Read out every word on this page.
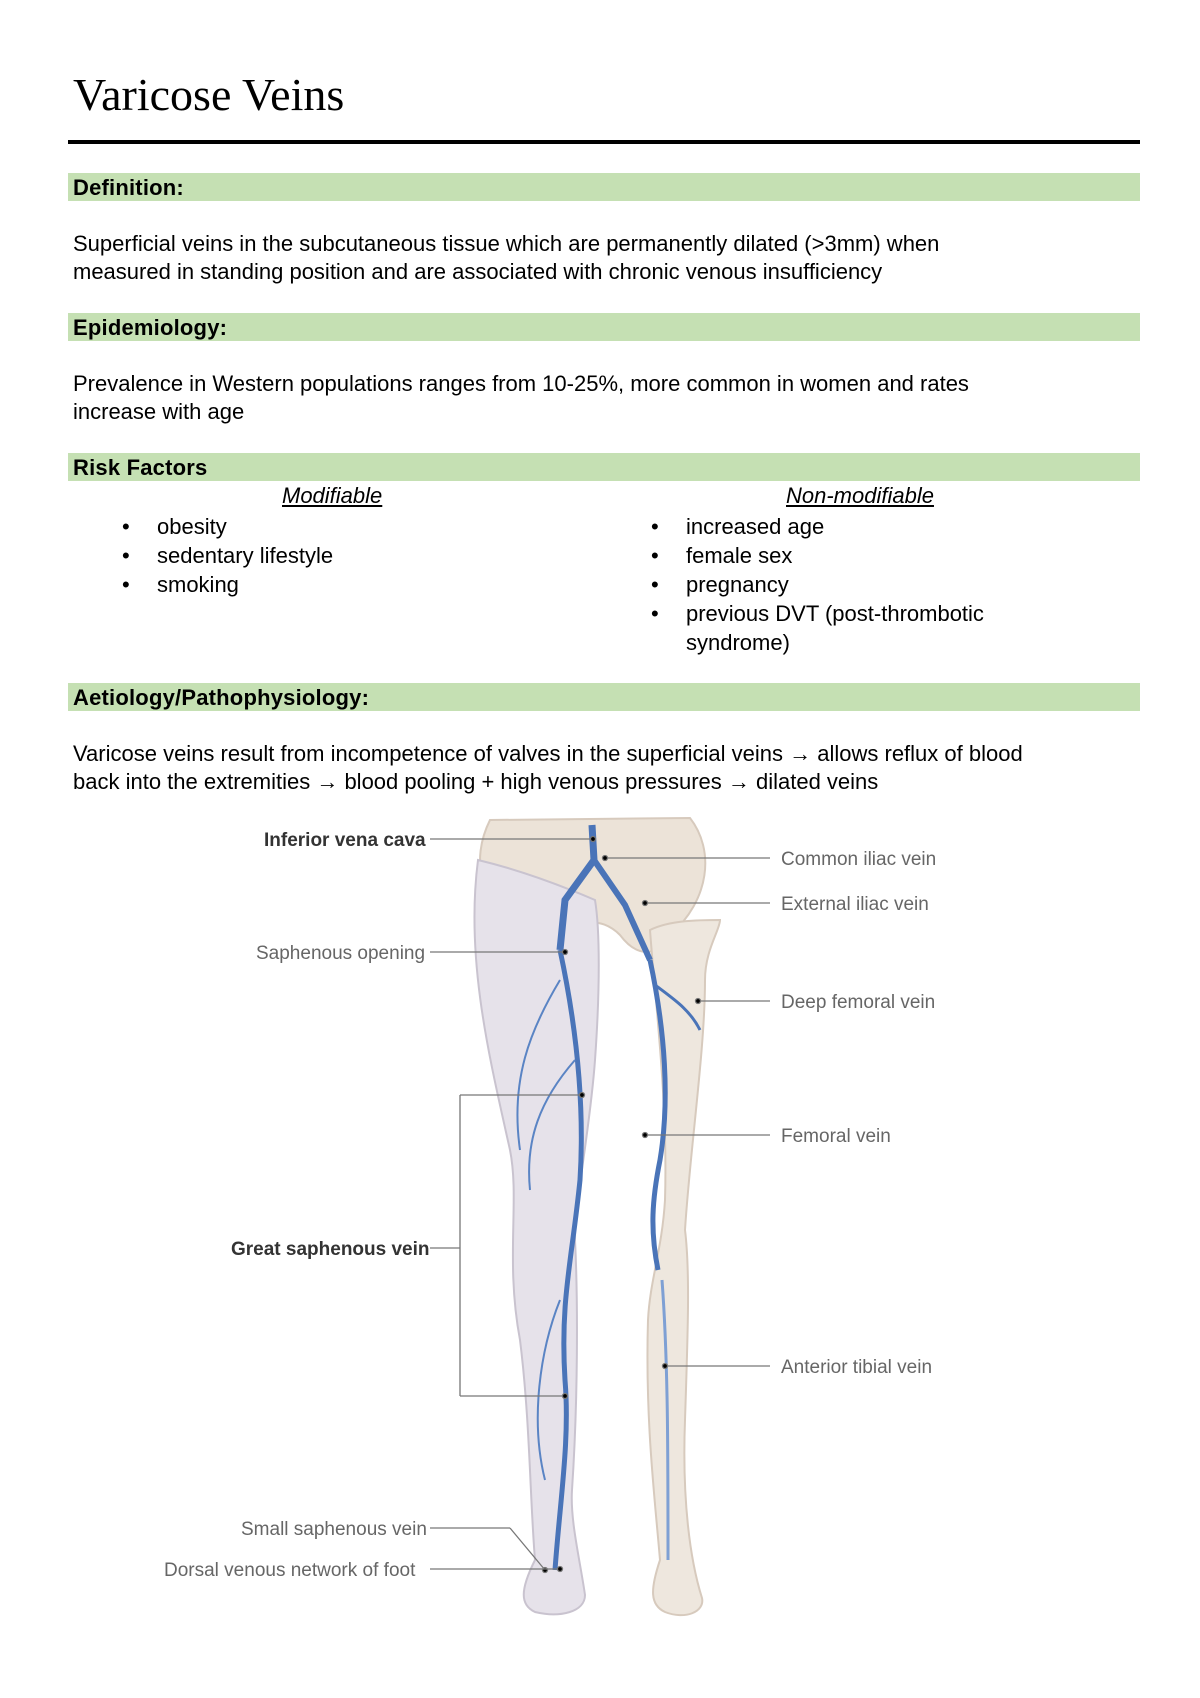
Varicose Veins
Definition:

Superficial veins in the subcutaneous tissue which are permanently dilated (>3mm) when
measured in standing position and are associated with chronic venous insufficiency

Epidemiology:

Prevalence in Western populations ranges from 10-25%, more common in women and rates
increase with age

Risk Factors
Modifiable	Non-modifiable
• obesity
• sedentary lifestyle
• smoking
• increased age
• female sex
• pregnancy
• previous DVT (post-thrombotic
syndrome)
Aetiology/Pathophysiology:

Varicose veins result from incompetence of valves in the superficial veins → allows reflux of blood
back into the extremities → blood pooling + high venous pressures → dilated veins

Inferior vena cava
Common iliac vein
External iliac vein
Saphenous opening
Deep femoral vein
Femoral vein
Great saphenous vein
Anterior tibial vein
Small saphenous vein
Dorsal venous network of foot
